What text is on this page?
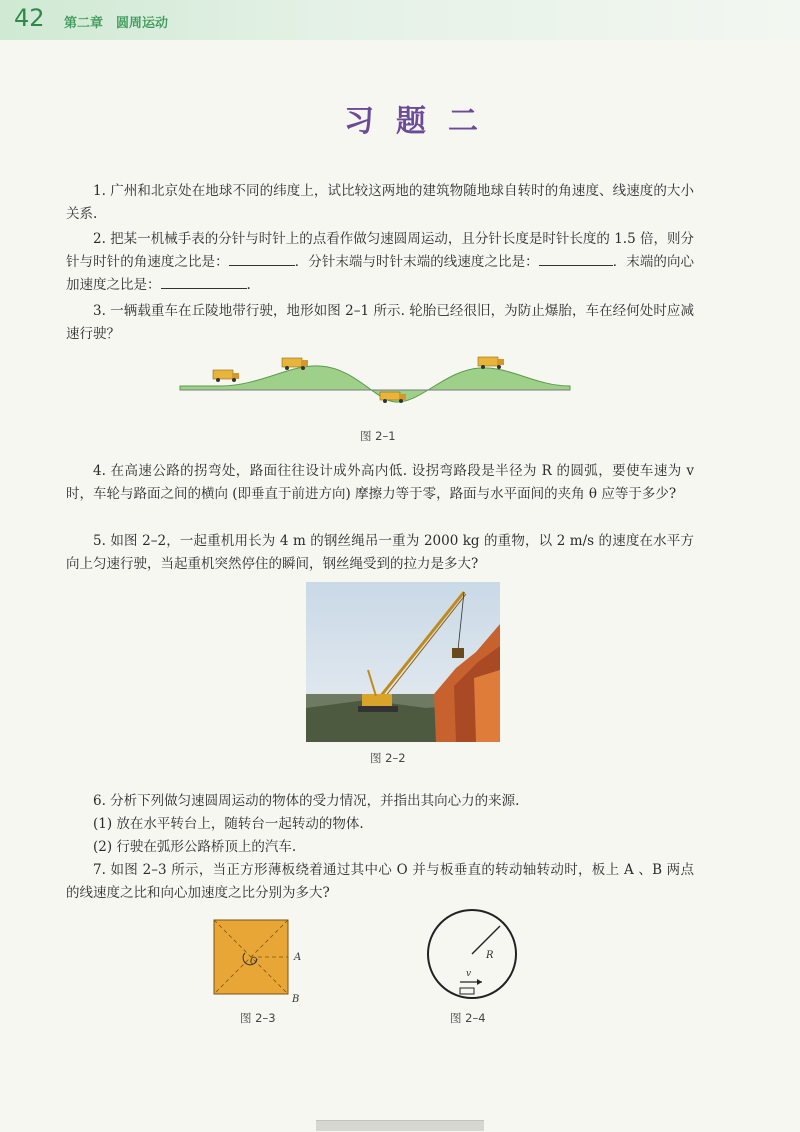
42 第二章　圆周运动
习题二
1. 广州和北京处在地球不同的纬度上，试比较这两地的建筑物随地球自转时的角速度、线速度的大小关系.
2. 把某一机械手表的分针与时针上的点看作做匀速圆周运动，且分针长度是时针长度的 1.5 倍，则分针与时针的角速度之比是：	．分针末端与时针末端的线速度之比是：	．末端的向心加速度之比是：	.
3. 一辆载重车在丘陵地带行驶，地形如图 2–1 所示. 轮胎已经很旧，为防止爆胎，车在经何处时应减速行驶？
图 2–1
4. 在高速公路的拐弯处，路面往往设计成外高内低. 设拐弯路段是半径为 R 的圆弧，要使车速为 v 时，车轮与路面之间的横向 (即垂直于前进方向) 摩擦力等于零，路面与水平面间的夹角 θ 应等于多少?
5. 如图 2–2，一起重机用长为 4 m 的钢丝绳吊一重为 2000 kg 的重物，以 2 m/s 的速度在水平方向上匀速行驶，当起重机突然停住的瞬间，钢丝绳受到的拉力是多大?
图 2–2
6. 分析下列做匀速圆周运动的物体的受力情况，并指出其向心力的来源.
(1) 放在水平转台上，随转台一起转动的物体.
(2) 行驶在弧形公路桥顶上的汽车.
7. 如图 2–3 所示，当正方形薄板绕着通过其中心 O 并与板垂直的转动轴转动时，板上 A 、B 两点的线速度之比和向心加速度之比分别为多大?
O	A
B
图 2–3
R
v
图 2–4
